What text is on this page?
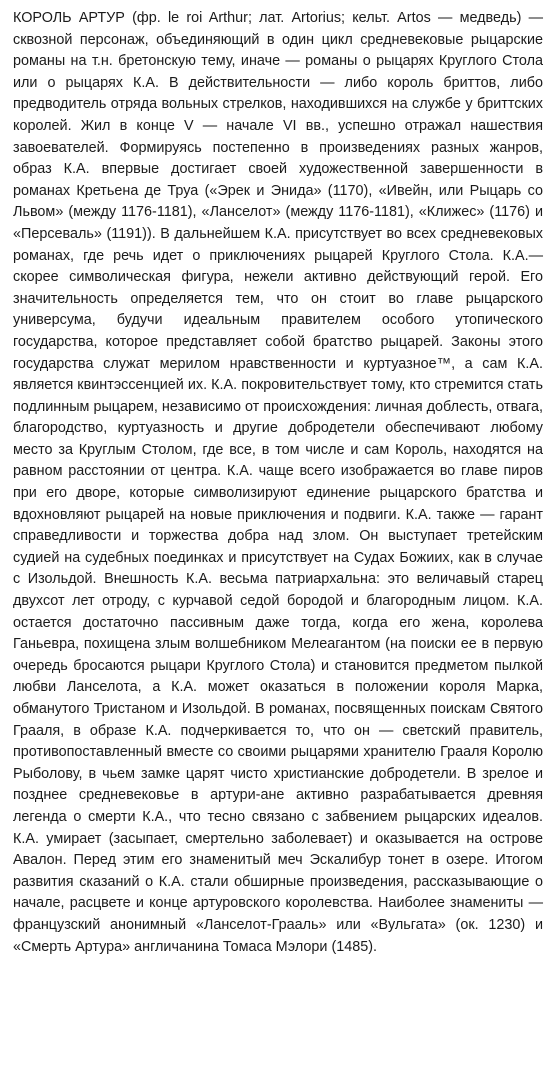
КОРОЛЬ АРТУР (фр. le roi Arthur; лат. Artorius; кельт. Artos — медведь) — сквозной персонаж, объединяющий в один цикл средневековые рыцарские романы на т.н. бретонскую тему, иначе — романы о рыцарях Круглого Стола или о рыцарях К.А. В действительности — либо король бриттов, либо предводитель отряда вольных стрелков, находившихся на службе у бриттских королей. Жил в конце V — начале VI вв., успешно отражал нашествия завоевателей. Формируясь постепенно в произведениях разных жанров, образ К.А. впервые достигает своей художественной завершенности в романах Кретьена де Труа («Эрек и Энида» (1170), «Ивейн, или Рыцарь со Львом» (между 1176-1181), «Ланселот» (между 1176-1181), «Клижес» (1176) и «Персеваль» (1191)). В дальнейшем К.А. присутствует во всех средневековых романах, где речь идет о приключениях рыцарей Круглого Стола. К.А.— скорее символическая фигура, нежели активно действующий герой. Его значительность определяется тем, что он стоит во главе рыцарского универсума, будучи идеальным правителем особого утопического государства, которое представляет собой братство рыцарей. Законы этого государства служат мерилом нравственности и куртуазное™, а сам К.А. является квинтэссенцией их. К.А. покровительствует тому, кто стремится стать подлинным рыцарем, независимо от происхождения: личная доблесть, отвага, благородство, куртуазность и другие добродетели обеспечивают любому место за Круглым Столом, где все, в том числе и сам Король, находятся на равном расстоянии от центра. К.А. чаще всего изображается во главе пиров при его дворе, которые символизируют единение рыцарского братства и вдохновляют рыцарей на новые приключения и подвиги. К.А. также — гарант справедливости и торжества добра над злом. Он выступает третейским судией на судебных поединках и присутствует на Судах Божиих, как в случае с Изольдой. Внешность К.А. весьма патриархальна: это величавый старец двухсот лет отроду, с курчавой седой бородой и благородным лицом. К.А. остается достаточно пассивным даже тогда, когда его жена, королева Ганьевра, похищена злым волшебником Мелеагантом (на поиски ее в первую очередь бросаются рыцари Круглого Стола) и становится предметом пылкой любви Ланселота, а К.А. может оказаться в положении короля Марка, обманутого Тристаном и Изольдой. В романах, посвященных поискам Святого Грааля, в образе К.А. подчеркивается то, что он — светский правитель, противопоставленный вместе со своими рыцарями хранителю Грааля Королю Рыболову, в чьем замке царят чисто христианские добродетели. В зрелое и позднее средневековье в артури-ане активно разрабатывается древняя легенда о смерти К.А., что тесно связано с забвением рыцарских идеалов. К.А. умирает (засыпает, смертельно заболевает) и оказывается на острове Авалон. Перед этим его знаменитый меч Эскалибур тонет в озере. Итогом развития сказаний о К.А. стали обширные произведения, рассказывающие о начале, расцвете и конце артуровского королевства. Наиболее знамениты — французский анонимный «Ланселот-Грааль» или «Вульгата» (ок. 1230) и «Смерть Артура» англичанина Томаса Мэлори (1485).
